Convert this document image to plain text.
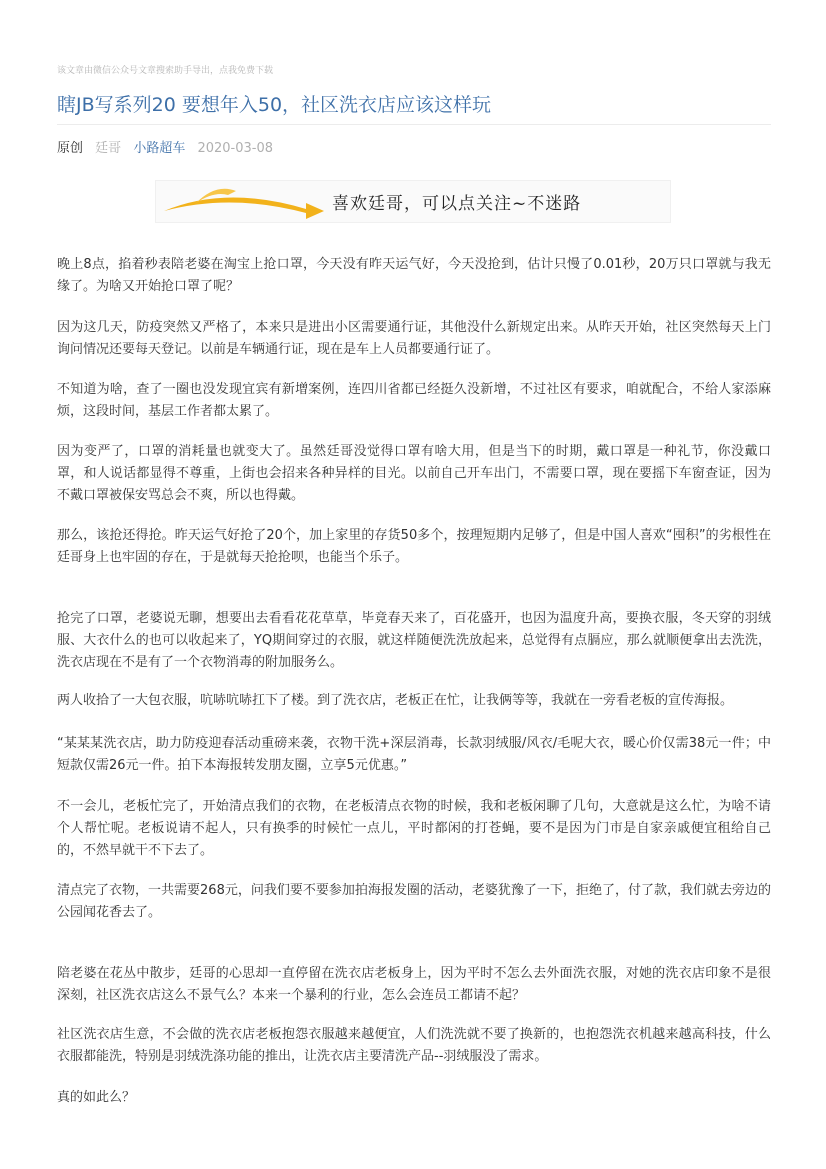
该文章由微信公众号文章搜索助手导出，点我免费下载
瞎JB写系列20 要想年入50，社区洗衣店应该这样玩
原创 廷哥 小路超车 2020-03-08
喜欢廷哥，可以点关注~不迷路

晚上8点，掐着秒表陪老婆在淘宝上抢口罩，今天没有昨天运气好，今天没抢到，估计只慢了0.01秒，20万只口罩就与我无缘了。为啥又开始抢口罩了呢？

因为这几天，防疫突然又严格了，本来只是进出小区需要通行证，其他没什么新规定出来。从昨天开始，社区突然每天上门询问情况还要每天登记。以前是车辆通行证，现在是车上人员都要通行证了。

不知道为啥，查了一圈也没发现宜宾有新增案例，连四川省都已经挺久没新增，不过社区有要求，咱就配合，不给人家添麻烦，这段时间，基层工作者都太累了。

因为变严了，口罩的消耗量也就变大了。虽然廷哥没觉得口罩有啥大用，但是当下的时期，戴口罩是一种礼节，你没戴口罩，和人说话都显得不尊重，上街也会招来各种异样的目光。以前自己开车出门，不需要口罩，现在要摇下车窗查证，因为不戴口罩被保安骂总会不爽，所以也得戴。

那么，该抢还得抢。昨天运气好抢了20个，加上家里的存货50多个，按理短期内足够了，但是中国人喜欢“囤积”的劣根性在廷哥身上也牢固的存在，于是就每天抢抢呗，也能当个乐子。

抢完了口罩，老婆说无聊，想要出去看看花花草草，毕竟春天来了，百花盛开，也因为温度升高，要换衣服，冬天穿的羽绒服、大衣什么的也可以收起来了，YQ期间穿过的衣服，就这样随便洗洗放起来，总觉得有点膈应，那么就顺便拿出去洗洗，洗衣店现在不是有了一个衣物消毒的附加服务么。

两人收拾了一大包衣服，吭哧吭哧扛下了楼。到了洗衣店，老板正在忙，让我俩等等，我就在一旁看老板的宣传海报。

“某某某洗衣店，助力防疫迎春活动重磅来袭，衣物干洗+深层消毒，长款羽绒服/风衣/毛呢大衣，暖心价仅需38元一件；中短款仅需26元一件。拍下本海报转发朋友圈，立享5元优惠。”

不一会儿，老板忙完了，开始清点我们的衣物，在老板清点衣物的时候，我和老板闲聊了几句，大意就是这么忙，为啥不请个人帮忙呢。老板说请不起人，只有换季的时候忙一点儿，平时都闲的打苍蝇，要不是因为门市是自家亲戚便宜租给自己的，不然早就干不下去了。

清点完了衣物，一共需要268元，问我们要不要参加拍海报发圈的活动，老婆犹豫了一下，拒绝了，付了款，我们就去旁边的公园闻花香去了。

陪老婆在花丛中散步，廷哥的心思却一直停留在洗衣店老板身上，因为平时不怎么去外面洗衣服，对她的洗衣店印象不是很深刻，社区洗衣店这么不景气么？本来一个暴利的行业，怎么会连员工都请不起？

社区洗衣店生意，不会做的洗衣店老板抱怨衣服越来越便宜，人们洗洗就不要了换新的，也抱怨洗衣机越来越高科技，什么衣服都能洗，特别是羽绒洗涤功能的推出，让洗衣店主要清洗产品--羽绒服没了需求。

真的如此么？
